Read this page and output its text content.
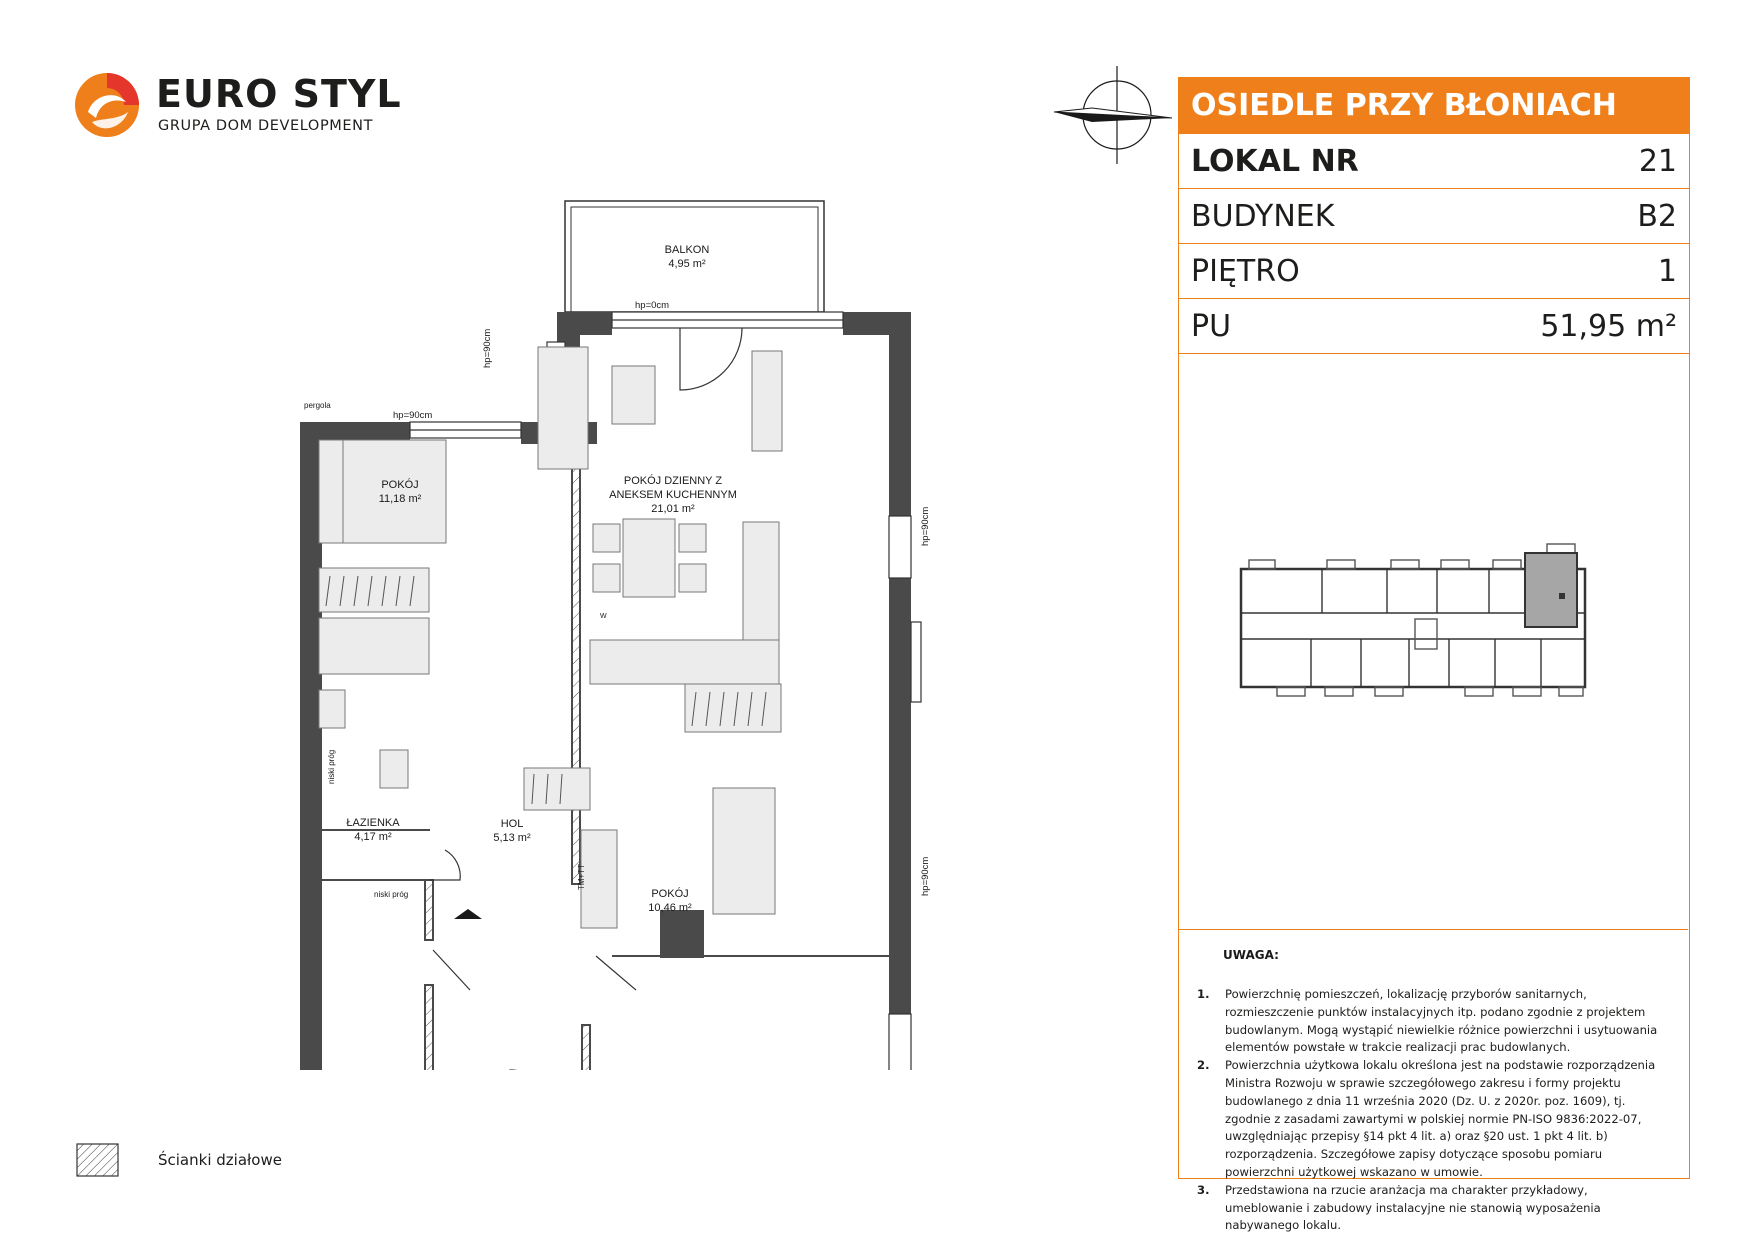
EURO STYL
GRUPA DOM DEVELOPMENT
OSIEDLE PRZY BŁONIACH
LOKAL NR	21
BUDYNEK	B2
PIĘTRO	1
PU	51,95 m²
UWAGA:
1.	Powierzchnię pomieszczeń, lokalizację przyborów sanitarnych, rozmieszczenie punktów instalacyjnych itp. podano zgodnie z projektem budowlanym. Mogą wystąpić niewielkie różnice powierzchni i usytuowania elementów powstałe w trakcie realizacji prac budowlanych.
2.	Powierzchnia użytkowa lokalu określona jest na podstawie rozporządzenia Ministra Rozwoju w sprawie szczegółowego zakresu i formy projektu budowlanego z dnia 11 września 2020 (Dz. U. z 2020r. poz. 1609), tj. zgodnie z zasadami zawartymi w polskiej normie PN-ISO 9836:2022-07, uwzględniając przepisy §14 pkt 4 lit. a) oraz §20 ust. 1 pkt 4 lit. b) rozporządzenia. Szczegółowe zapisy dotyczące sposobu pomiaru powierzchni użytkowej wskazano w umowie.
3.	Przedstawiona na rzucie aranżacja ma charakter przykładowy, umeblowanie i zabudowy instalacyjne nie stanowią wyposażenia nabywanego lokalu.
BALKON
4,95 m²
POKÓJ DZIENNY Z
ANEKSEM KUCHENNYM
21,01 m²
POKÓJ
11,18 m²
POKÓJ
10,46 m²
HOL
5,13 m²
ŁAZIENKA
4,17 m²
hp=0cm
hp=90cm
pergola
hp=90cm
hp=90cm
hp=90cm
niski próg
niski próg
TM+TT
W
Ścianki działowe
